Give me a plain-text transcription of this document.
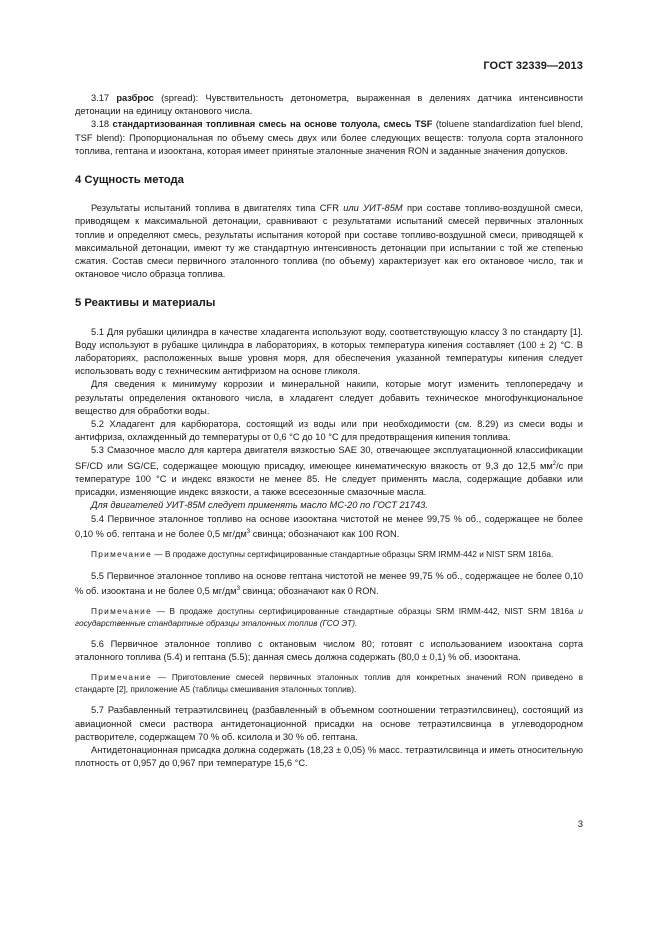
ГОСТ 32339—2013

3.17 разброс (spread): Чувствительность детонометра, выраженная в делениях датчика интенсивности детонации на единицу октанового числа.

3.18 стандартизованная топливная смесь на основе толуола, смесь TSF (toluene standardization fuel blend, TSF blend): Пропорциональная по объему смесь двух или более следующих веществ: толуола сорта эталонного топлива, гептана и изооктана, которая имеет принятые эталонные значения RON и заданные значения допусков.

4 Сущность метода

Результаты испытаний топлива в двигателях типа CFR или УИТ-85М при составе топливо-воздушной смеси, приводящем к максимальной детонации, сравнивают с результатами испытаний смесей первичных эталонных топлив и определяют смесь, результаты испытания которой при составе топливо-воздушной смеси, приводящей к максимальной детонации, имеют ту же стандартную интенсивность детонации при испытании с той же степенью сжатия. Состав смеси первичного эталонного топлива (по объему) характеризует как его октановое число, так и октановое число образца топлива.

5 Реактивы и материалы

5.1 Для рубашки цилиндра в качестве хладагента используют воду, соответствующую классу 3 по стандарту [1]. Воду используют в рубашке цилиндра в лабораториях, в которых температура кипения составляет (100 ± 2) °С. В лабораториях, расположенных выше уровня моря, для обеспечения указанной температуры кипения следует использовать воду с техническим антифризом на основе гликоля.

Для сведения к минимуму коррозии и минеральной накипи, которые могут изменить теплопередачу и результаты определения октанового числа, в хладагент следует добавить техническое многофункциональное вещество для обработки воды.

5.2 Хладагент для карбюратора, состоящий из воды или при необходимости (см. 8.29) из смеси воды и антифриза, охлажденный до температуры от 0,6 °С до 10 °С для предотвращения кипения топлива.

5.3 Смазочное масло для картера двигателя вязкостью SAE 30, отвечающее эксплуатационной классификации SF/CD или SG/CE, содержащее моющую присадку, имеющее кинематическую вязкость от 9,3 до 12,5 $мм^2/с$ при температуре 100 °С и индекс вязкости не менее 85. Не следует применять масла, содержащие добавки или присадки, изменяющие индекс вязкости, а также всесезонные смазочные масла.

Для двигателей УИТ-85М следует применять масло МС-20 по ГОСТ 21743.

5.4 Первичное эталонное топливо на основе изооктана чистотой не менее 99,75 % об., содержащее не более 0,10 % об. гептана и не более 0,5 $мг/дм^3$ свинца; обозначают как 100 RON.

Примечание — В продаже доступны сертифицированные стандартные образцы SRM IRMM-442 и NIST SRM 1816a.

5.5 Первичное эталонное топливо на основе гептана чистотой не менее 99,75 % об., содержащее не более 0,10 % об. изооктана и не более 0,5 $мг/дм^3$ свинца; обозначают как 0 RON.

Примечание — В продаже доступны сертифицированные стандартные образцы SRM IRMM-442, NIST SRM 1816a и государственные стандартные образцы эталонных топлив (ГСО ЭТ).

5.6 Первичное эталонное топливо с октановым числом 80; готовят с использованием изооктана сорта эталонного топлива (5.4) и гептана (5.5); данная смесь должна содержать (80,0 ± 0,1) % об. изооктана.

Примечание — Приготовление смесей первичных эталонных топлив для конкретных значений RON приведено в стандарте [2], приложение А5 (таблицы смешивания эталонных топлив).

5.7 Разбавленный тетраэтилсвинец (разбавленный в объемном соотношении тетраэтилсвинец), состоящий из авиационной смеси раствора антидетонационной присадки на основе тетраэтилсвинца в углеводородном растворителе, содержащем 70 % об. ксилола и 30 % об. гептана.

Антидетонационная присадка должна содержать (18,23 ± 0,05) % масс. тетраэтилсвинца и иметь относительную плотность от 0,957 до 0,967 при температуре 15,6 °С.

3
